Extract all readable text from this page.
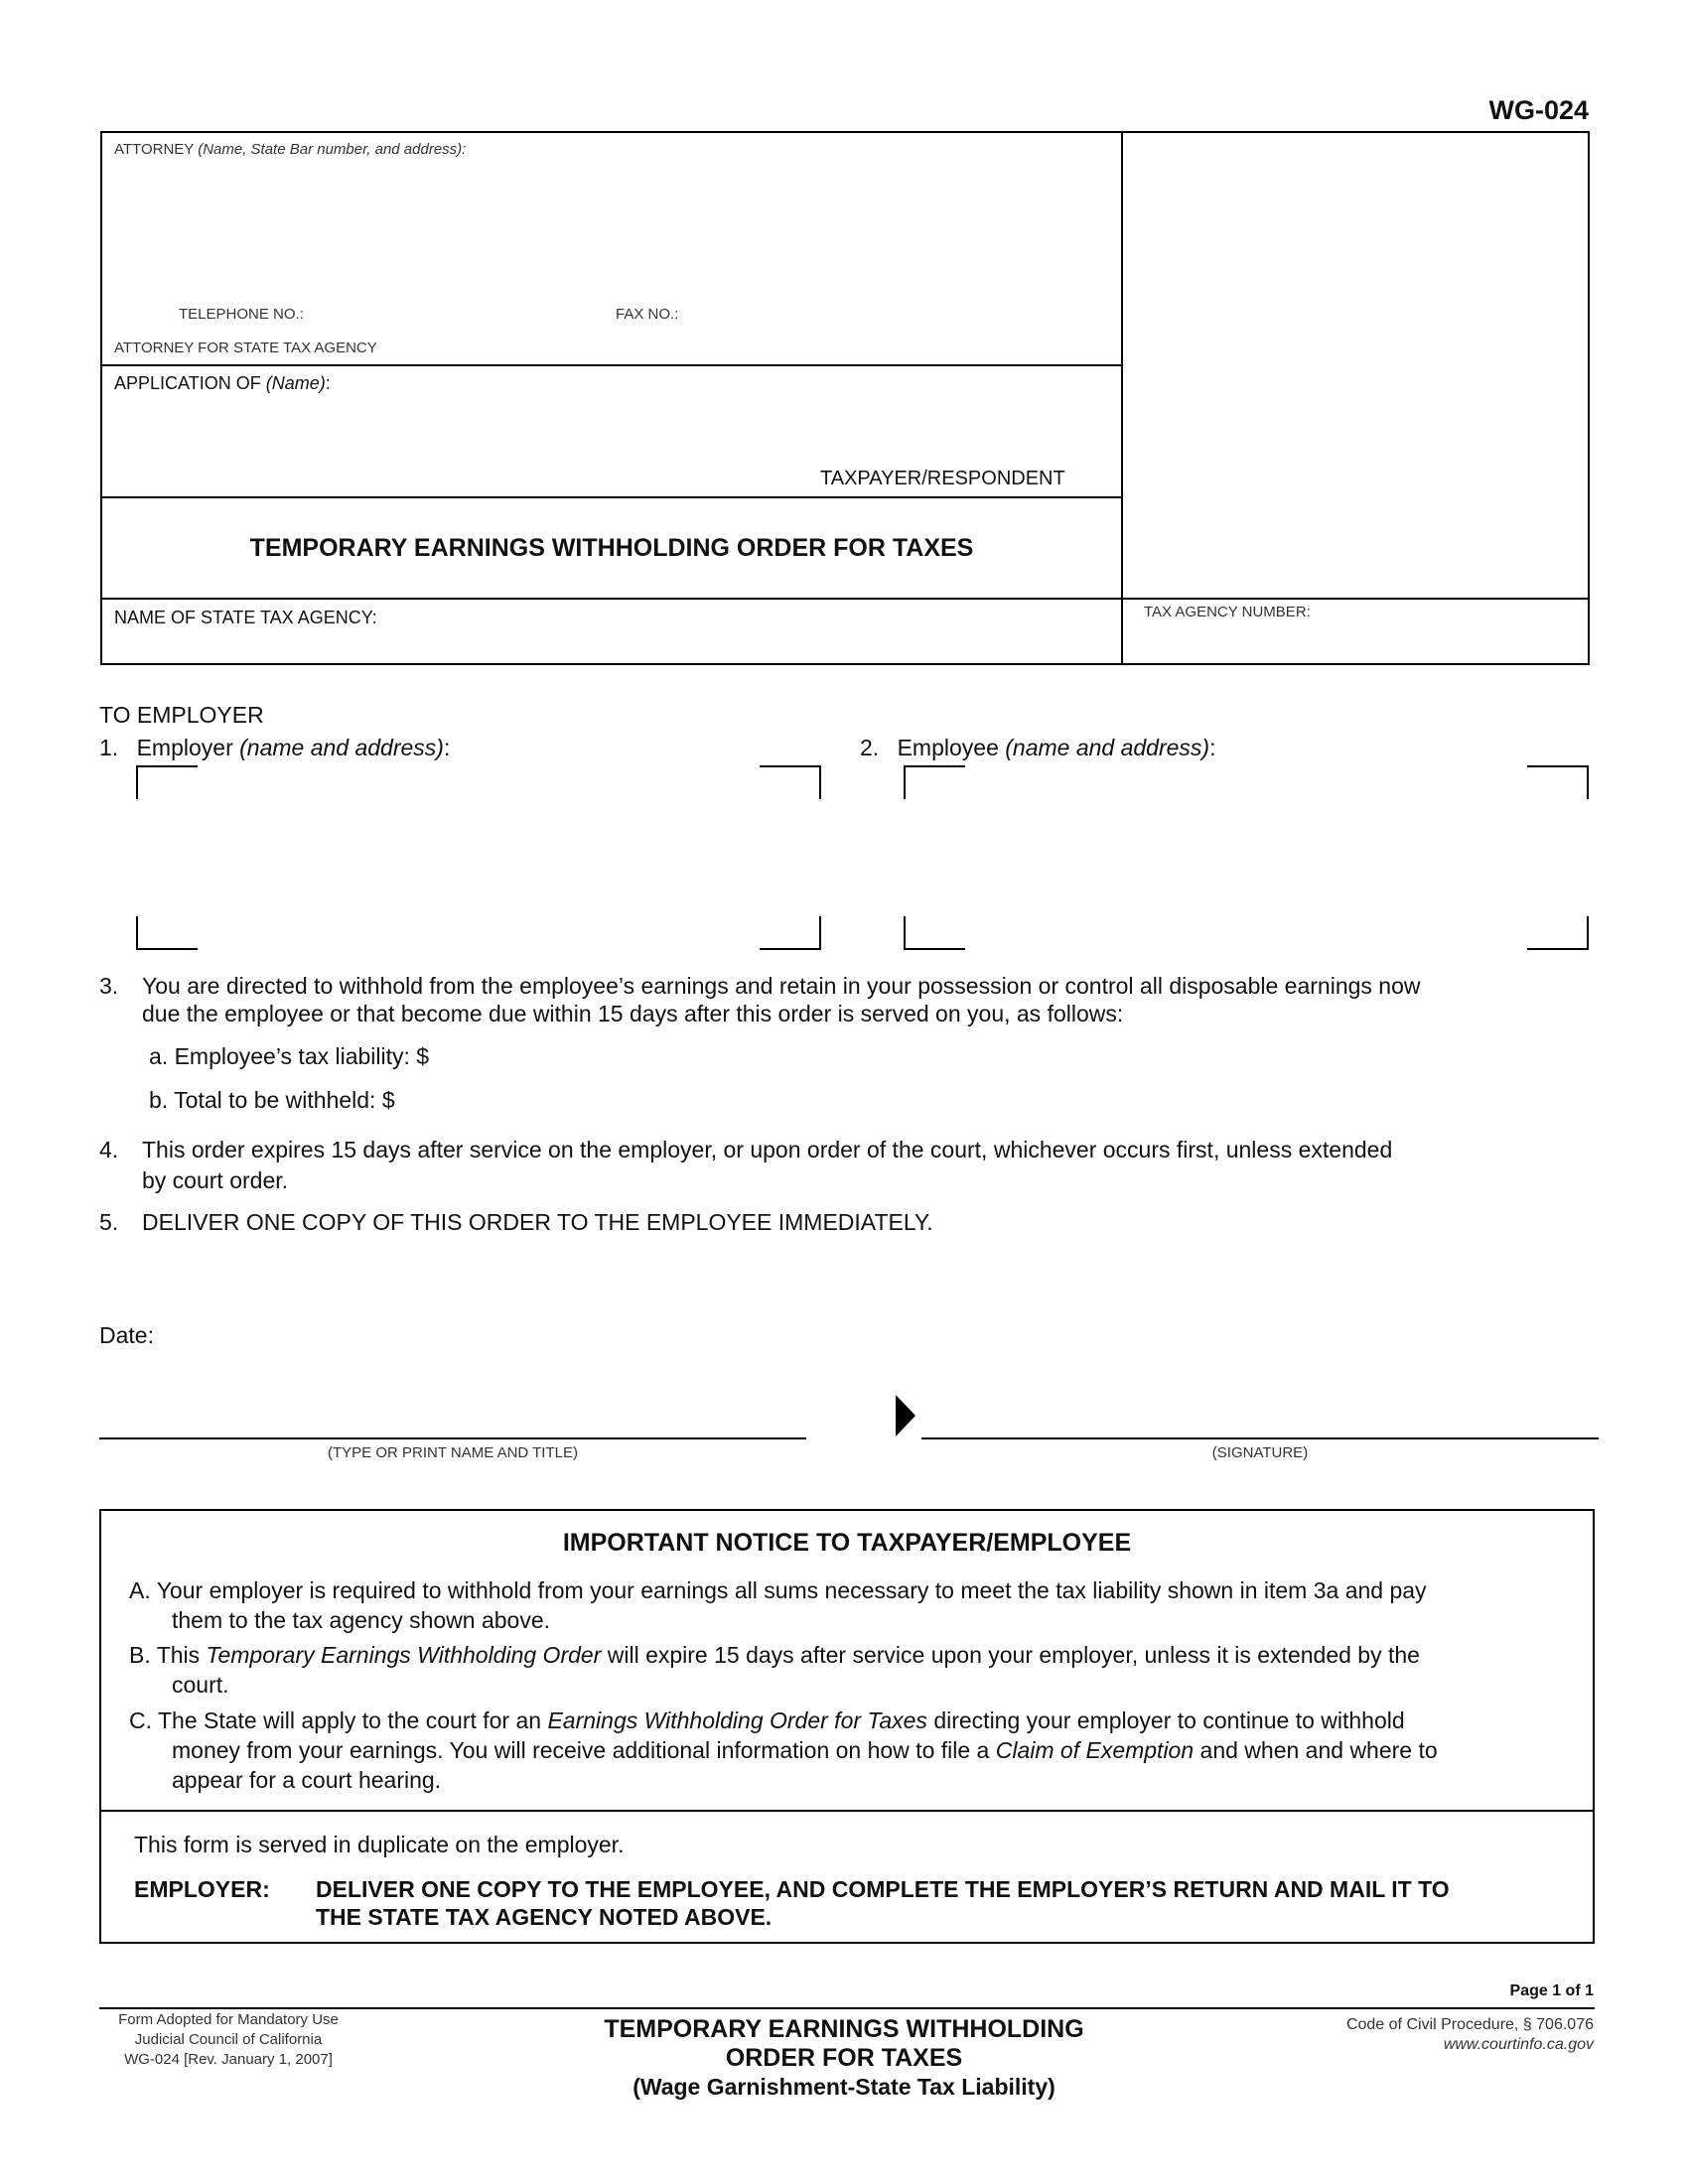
WG-024
ATTORNEY (Name, State Bar number, and address):
TELEPHONE NO.:	FAX NO.:
ATTORNEY FOR STATE TAX AGENCY
APPLICATION OF (Name):
TAXPAYER/RESPONDENT
TEMPORARY EARNINGS WITHHOLDING ORDER FOR TAXES
NAME OF STATE TAX AGENCY:	TAX AGENCY NUMBER:
TO EMPLOYER
1. Employer (name and address):	2. Employee (name and address):
3. You are directed to withhold from the employee’s earnings and retain in your possession or control all disposable earnings now
due the employee or that become due within 15 days after this order is served on you, as follows:
a. Employee’s tax liability: $
b. Total to be withheld: $
4. This order expires 15 days after service on the employer, or upon order of the court, whichever occurs first, unless extended
by court order.
5. DELIVER ONE COPY OF THIS ORDER TO THE EMPLOYEE IMMEDIATELY.
Date:
(TYPE OR PRINT NAME AND TITLE)	(SIGNATURE)
IMPORTANT NOTICE TO TAXPAYER/EMPLOYEE
A. Your employer is required to withhold from your earnings all sums necessary to meet the tax liability shown in item 3a and pay
them to the tax agency shown above.
B. This Temporary Earnings Withholding Order will expire 15 days after service upon your employer, unless it is extended by the
court.
C. The State will apply to the court for an Earnings Withholding Order for Taxes directing your employer to continue to withhold
money from your earnings. You will receive additional information on how to file a Claim of Exemption and when and where to
appear for a court hearing.
This form is served in duplicate on the employer.
EMPLOYER: DELIVER ONE COPY TO THE EMPLOYEE, AND COMPLETE THE EMPLOYER’S RETURN AND MAIL IT TO
THE STATE TAX AGENCY NOTED ABOVE.
Page 1 of 1
Form Adopted for Mandatory Use
Judicial Council of California
WG-024 [Rev. January 1, 2007]
TEMPORARY EARNINGS WITHHOLDING
ORDER FOR TAXES
(Wage Garnishment-State Tax Liability)
Code of Civil Procedure, § 706.076
www.courtinfo.ca.gov
